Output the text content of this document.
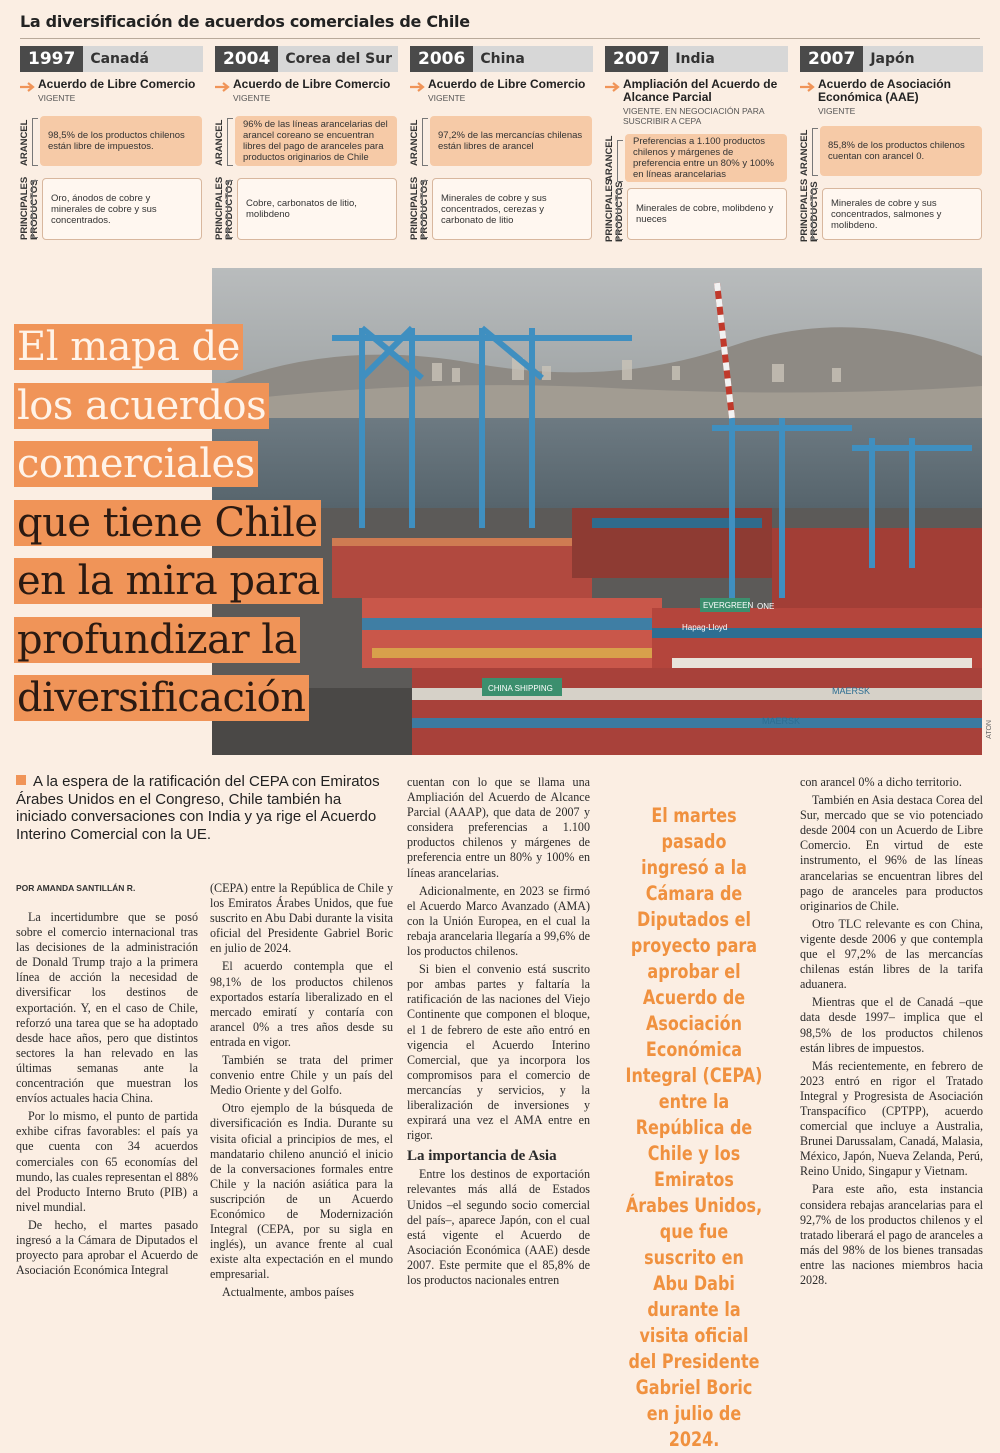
La diversificación de acuerdos comerciales de Chile
1997	Canadá
Acuerdo de Libre Comercio
VIGENTE
ARANCEL	98,5% de los productos chilenos están libre de impuestos.
PRINCIPALES PRODUCTOS	Oro, ánodos de cobre y minerales de cobre y sus concentrados.
2004	Corea del Sur
Acuerdo de Libre Comercio
VIGENTE
ARANCEL	96% de las líneas arancelarias del arancel coreano se encuentran libres del pago de aranceles para productos originarios de Chile
PRINCIPALES PRODUCTOS	Cobre, carbonatos de litio, molibdeno
2006	China
Acuerdo de Libre Comercio
VIGENTE
ARANCEL	97,2% de las mercancías chilenas están libres de arancel
PRINCIPALES PRODUCTOS	Minerales de cobre y sus concentrados, cerezas y carbonato de litio
2007	India
Ampliación del Acuerdo de Alcance Parcial
VIGENTE. EN NEGOCIACIÓN PARA SUSCRIBIR A CEPA
ARANCEL	Preferencias a 1.100 productos chilenos y márgenes de preferencia entre un 80% y 100% en líneas arancelarias
PRINCIPALES PRODUCTOS	Minerales de cobre, molibdeno y nueces
2007	Japón
Acuerdo de Asociación Económica (AAE)
VIGENTE
ARANCEL	85,8% de los productos chilenos cuentan con arancel 0.
PRINCIPALES PRODUCTOS	Minerales de cobre y sus concentrados, salmones y molibdeno.
CHINA SHIPPING
EVERGREEN
Hapag-Lloyd
ONE
MAERSK
MAERSK	ATON
El mapa de
los acuerdos
comerciales
que tiene Chile
en la mira para
profundizar la
diversificación
A la espera de la ratificación del CEPA con Emiratos Árabes Unidos en el Congreso, Chile también ha iniciado conversaciones con India y ya rige el Acuerdo Interino Comercial con la UE.
POR AMANDA SANTILLÁN R.

La incertidumbre que se posó sobre el comercio internacional tras las decisiones de la administración de Donald Trump trajo a la primera línea de acción la necesidad de diversificar los destinos de exportación. Y, en el caso de Chile, reforzó una tarea que se ha adoptado desde hace años, pero que distintos sectores la han relevado en las últimas semanas ante la concentración que muestran los envíos actuales hacia China.

Por lo mismo, el punto de partida exhibe cifras favorables: el país ya que cuenta con 34 acuerdos comerciales con 65 economías del mundo, las cuales representan el 88% del Producto Interno Bruto (PIB) a nivel mundial.

De hecho, el martes pasado ingresó a la Cámara de Diputados el proyecto para aprobar el Acuerdo de Asociación Económica Integral

(CEPA) entre la República de Chile y los Emiratos Árabes Unidos, que fue suscrito en Abu Dabi durante la visita oficial del Presidente Gabriel Boric en julio de 2024.

El acuerdo contempla que el 98,1% de los productos chilenos exportados estaría liberalizado en el mercado emiratí y contaría con arancel 0% a tres años desde su entrada en vigor.

También se trata del primer convenio entre Chile y un país del Medio Oriente y del Golfo.

Otro ejemplo de la búsqueda de diversificación es India. Durante su visita oficial a principios de mes, el mandatario chileno anunció el inicio de la conversaciones formales entre Chile y la nación asiática para la suscripción de un Acuerdo Económico de Modernización Integral (CEPA, por su sigla en inglés), un avance frente al cual existe alta expectación en el mundo empresarial.

Actualmente, ambos países

cuentan con lo que se llama una Ampliación del Acuerdo de Alcance Parcial (AAAP), que data de 2007 y considera preferencias a 1.100 productos chilenos y márgenes de preferencia entre un 80% y 100% en líneas arancelarias.

Adicionalmente, en 2023 se firmó el Acuerdo Marco Avanzado (AMA) con la Unión Europea, en el cual la rebaja arancelaria llegaría a 99,6% de los productos chilenos.

Si bien el convenio está suscrito por ambas partes y faltaría la ratificación de las naciones del Viejo Continente que componen el bloque, el 1 de febrero de este año entró en vigencia el Acuerdo Interino Comercial, que ya incorpora los compromisos para el comercio de mercancías y servicios, y la liberalización de inversiones y expirará una vez el AMA entre en rigor.

La importancia de Asia

Entre los destinos de exportación relevantes más allá de Estados Unidos –el segundo socio comercial del país–, aparece Japón, con el cual está vigente el Acuerdo de Asociación Económica (AAE) desde 2007. Este permite que el 85,8% de los productos nacionales entren

El martes pasado ingresó a la Cámara de Diputados el proyecto para aprobar el Acuerdo de Asociación Económica Integral (CEPA) entre la República de Chile y los Emiratos Árabes Unidos, que fue suscrito en Abu Dabi durante la visita oficial del Presidente Gabriel Boric en julio de 2024.

con arancel 0% a dicho territorio.

También en Asia destaca Corea del Sur, mercado que se vio potenciado desde 2004 con un Acuerdo de Libre Comercio. En virtud de este instrumento, el 96% de las líneas arancelarias se encuentran libres del pago de aranceles para productos originarios de Chile.

Otro TLC relevante es con China, vigente desde 2006 y que contempla que el 97,2% de las mercancías chilenas están libres de la tarifa aduanera.

Mientras que el de Canadá –que data desde 1997– implica que el 98,5% de los productos chilenos están libres de impuestos.

Más recientemente, en febrero de 2023 entró en rigor el Tratado Integral y Progresista de Asociación Transpacífico (CPTPP), acuerdo comercial que incluye a Australia, Brunei Darussalam, Canadá, Malasia, México, Japón, Nueva Zelanda, Perú, Reino Unido, Singapur y Vietnam.

Para este año, esta instancia considera rebajas arancelarias para el 92,7% de los productos chilenos y el tratado liberará el pago de aranceles a más del 98% de los bienes transadas entre las naciones miembros hacia 2028.
